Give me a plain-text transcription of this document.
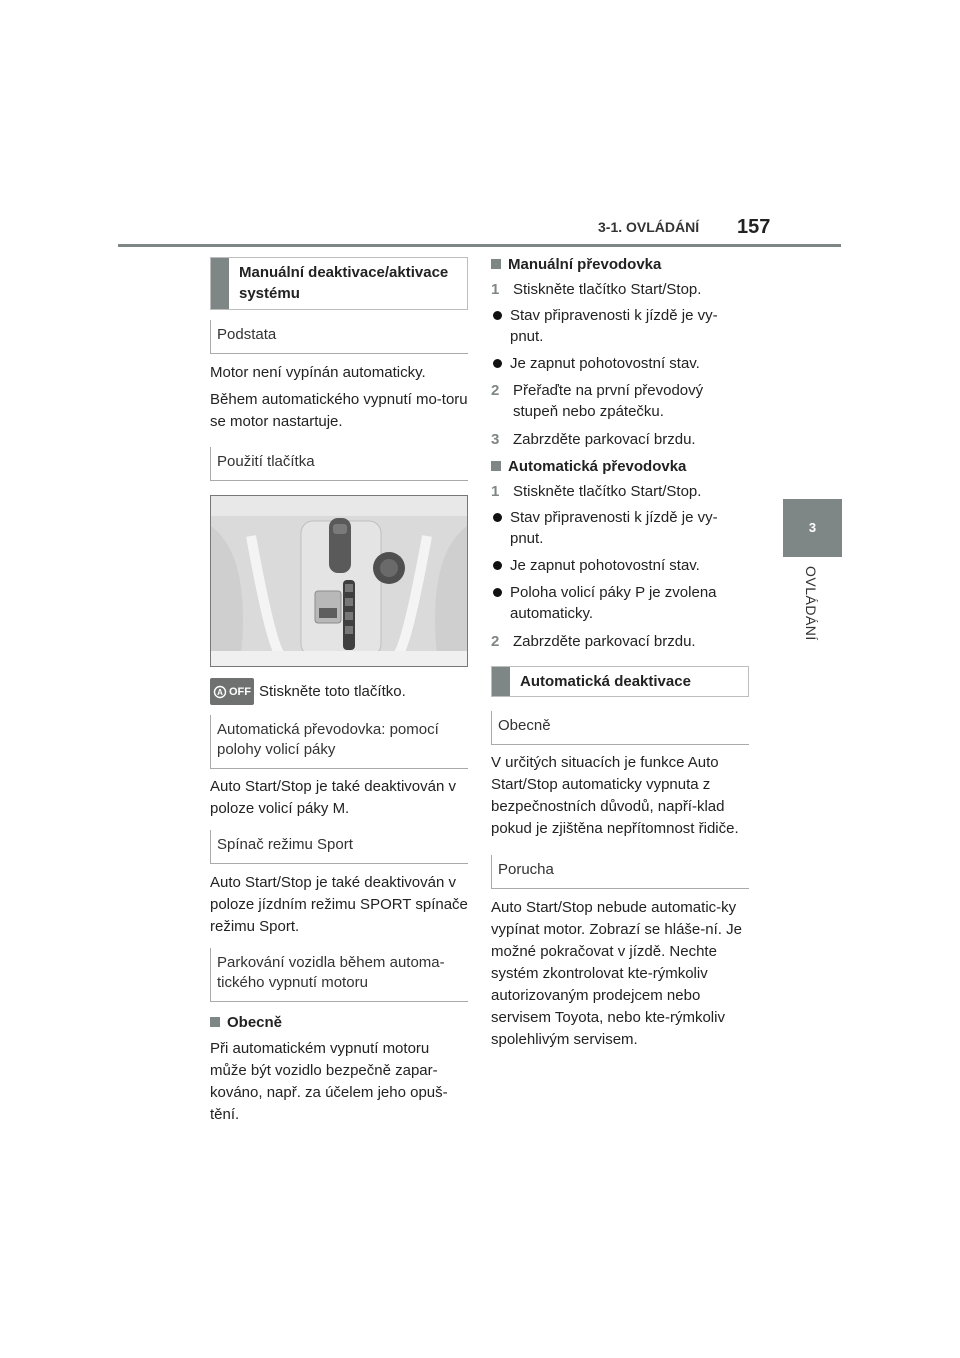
3-1. OVLÁDÁNÍ 157
3
OVLÁDÁNÍ
Manuální deaktivace/aktivace systému
Podstata

Motor není vypínán automaticky.

Během automatického vypnutí mo-toru se motor nastartuje.

Použití tlačítka
A OFF Stiskněte toto tlačítko.
Automatická převodovka: pomocí polohy volicí páky

Auto Start/Stop je také deaktivován v poloze volicí páky M.

Spínač režimu Sport

Auto Start/Stop je také deaktivován v poloze jízdním režimu SPORT spínače režimu Sport.

Parkování vozidla během automa-tického vypnutí motoru

Obecně

Při automatickém vypnutí motoru může být vozidlo bezpečně zapar-kováno, např. za účelem jeho opuš-tění.

Manuální převodovka

1 Stiskněte tlačítko Start/Stop.
Stav připravenosti k jízdě je vy-pnut.
Je zapnut pohotovostní stav.
2 Přeřaďte na první převodový stupeň nebo zpátečku.
3 Zabrzděte parkovací brzdu.

Automatická převodovka

1 Stiskněte tlačítko Start/Stop.
Stav připravenosti k jízdě je vy-pnut.
Je zapnut pohotovostní stav.
Poloha volicí páky P je zvolena automaticky.
2 Zabrzděte parkovací brzdu.
Automatická deaktivace
Obecně

V určitých situacích je funkce Auto Start/Stop automaticky vypnuta z bezpečnostních důvodů, napří-klad pokud je zjištěna nepřítomnost řidiče.

Porucha

Auto Start/Stop nebude automatic-ky vypínat motor. Zobrazí se hláše-ní. Je možné pokračovat v jízdě. Nechte systém zkontrolovat kte-rýmkoliv autorizovaným prodejcem nebo servisem Toyota, nebo kte-rýmkoliv spolehlivým servisem.
